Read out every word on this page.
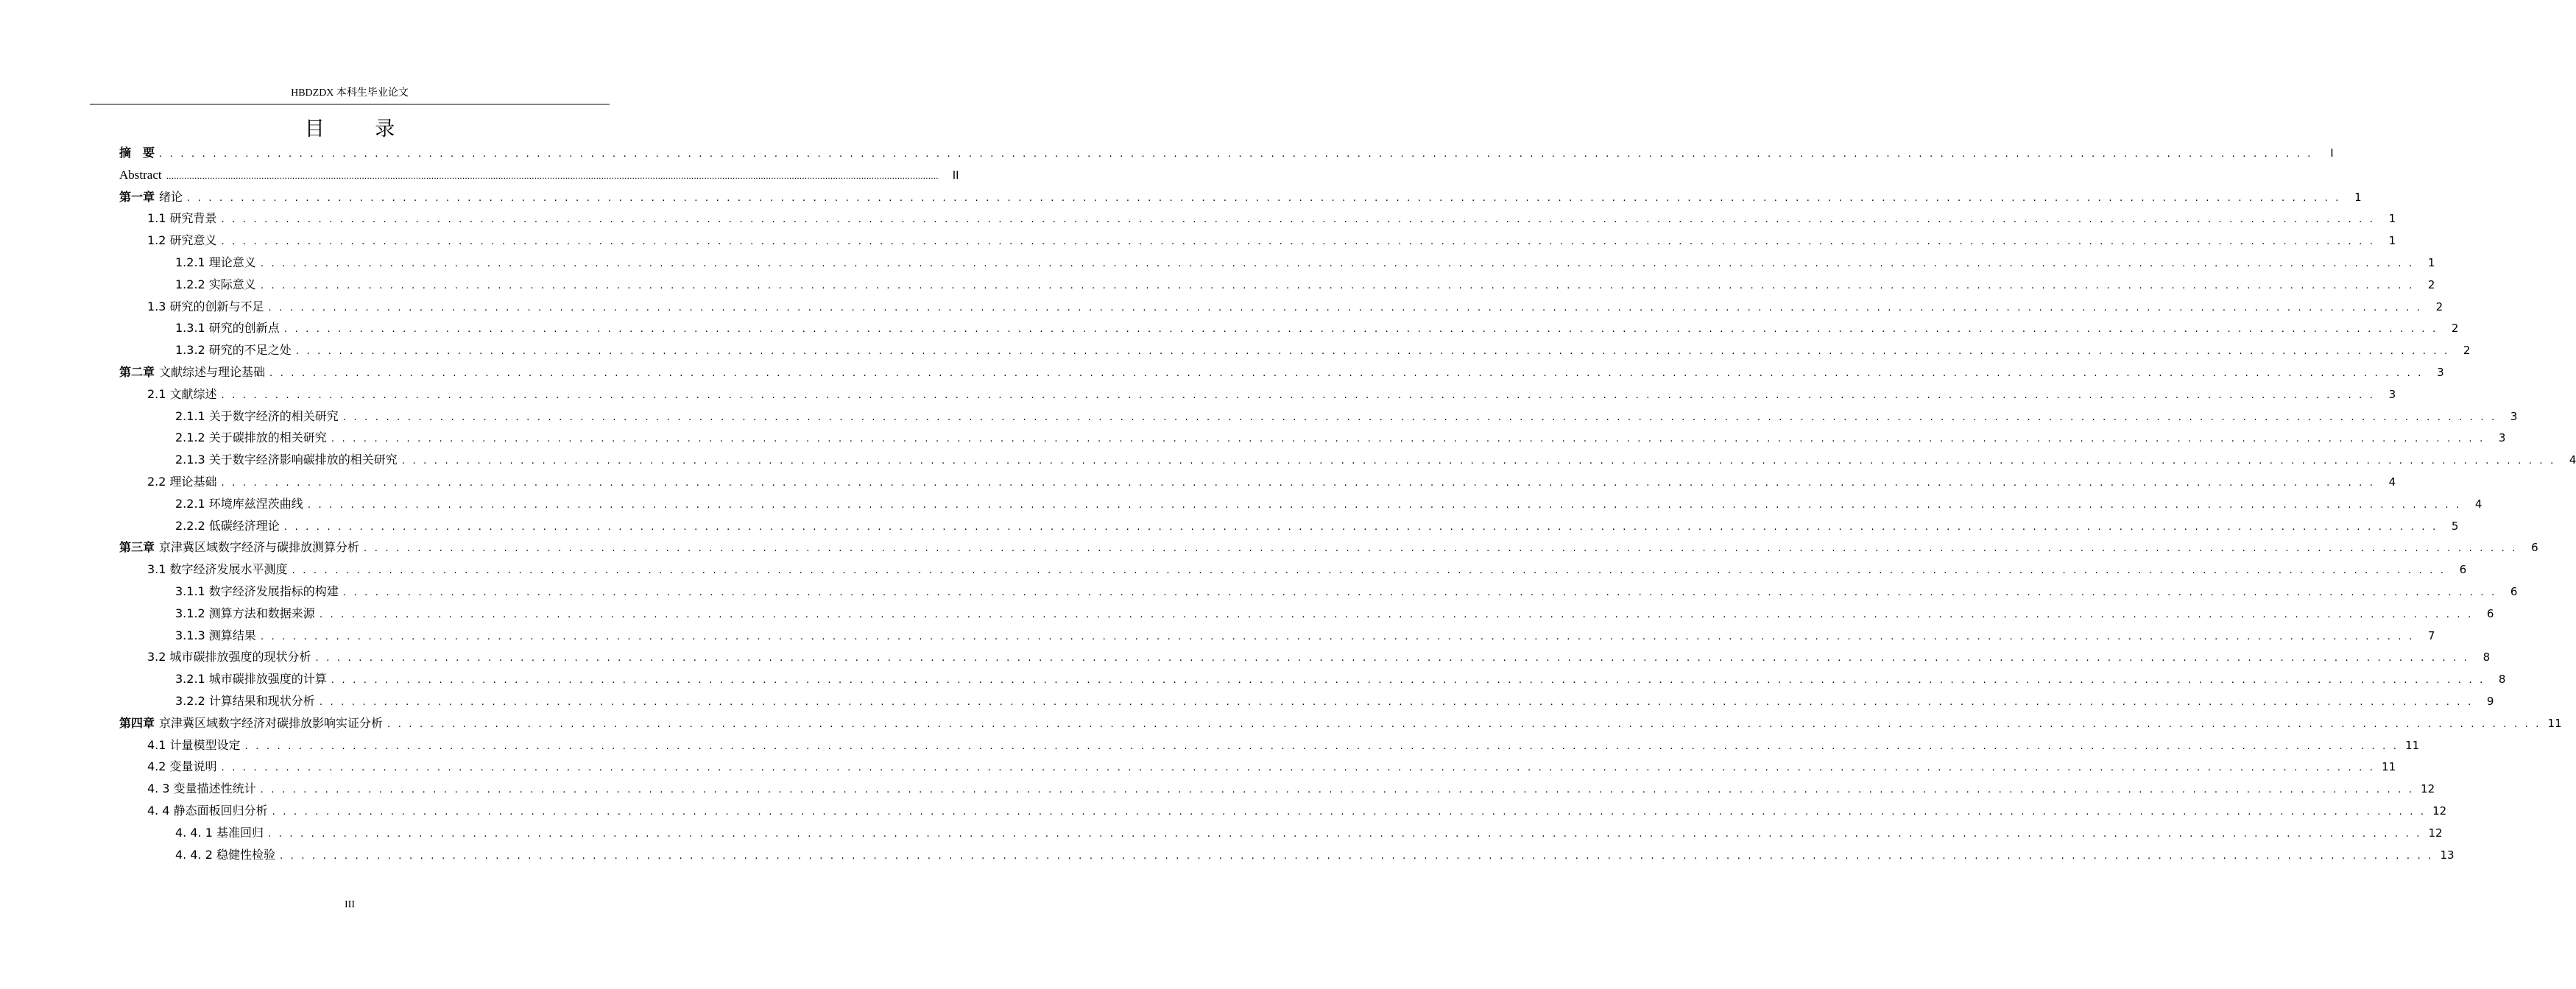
HBDZDX 本科生毕业论文
目 录
摘　要 . . . . . . . . . . . . . . . . . . . . . . . . . . . . . . . . . . . . . . . . . . . . . . . . . . . . . . . . . . . . . . . . . . . . . . . . . . . . . . . . . . . . . . . . . . . . . . . . . . . . . . . . . . . . . . . . . . . . . . . . . . . . . . . . . . . . . . . . . . . . . . . . . . . . . . . . . . . . . . . . . . . . . . . . . . . . . . . . . . . . . . . . . . . . . . . . . . . . . . . .	I
Abstract ............................................................................................................................................................................................................................................................................................................	II
第一章 绪论 . . . . . . . . . . . . . . . . . . . . . . . . . . . . . . . . . . . . . . . . . . . . . . . . . . . . . . . . . . . . . . . . . . . . . . . . . . . . . . . . . . . . . . . . . . . . . . . . . . . . . . . . . . . . . . . . . . . . . . . . . . . . . . . . . . . . . . . . . . . . . . . . . . . . . . . . . . . . . . . . . . . . . . . . . . . . . . . . . . . . . . . . . . . . . . . . . . . . . . . .	1
1.1 研究背景 . . . . . . . . . . . . . . . . . . . . . . . . . . . . . . . . . . . . . . . . . . . . . . . . . . . . . . . . . . . . . . . . . . . . . . . . . . . . . . . . . . . . . . . . . . . . . . . . . . . . . . . . . . . . . . . . . . . . . . . . . . . . . . . . . . . . . . . . . . . . . . . . . . . . . . . . . . . . . . . . . . . . . . . . . . . . . . . . . . . . . . . . . . . . . . . . . . . . . . . .	1
1.2 研究意义 . . . . . . . . . . . . . . . . . . . . . . . . . . . . . . . . . . . . . . . . . . . . . . . . . . . . . . . . . . . . . . . . . . . . . . . . . . . . . . . . . . . . . . . . . . . . . . . . . . . . . . . . . . . . . . . . . . . . . . . . . . . . . . . . . . . . . . . . . . . . . . . . . . . . . . . . . . . . . . . . . . . . . . . . . . . . . . . . . . . . . . . . . . . . . . . . . . . . . . . .	1
1.2.1 理论意义 . . . . . . . . . . . . . . . . . . . . . . . . . . . . . . . . . . . . . . . . . . . . . . . . . . . . . . . . . . . . . . . . . . . . . . . . . . . . . . . . . . . . . . . . . . . . . . . . . . . . . . . . . . . . . . . . . . . . . . . . . . . . . . . . . . . . . . . . . . . . . . . . . . . . . . . . . . . . . . . . . . . . . . . . . . . . . . . . . . . . . . . . . . . . . . . . . . . . . . . .	1
1.2.2 实际意义 . . . . . . . . . . . . . . . . . . . . . . . . . . . . . . . . . . . . . . . . . . . . . . . . . . . . . . . . . . . . . . . . . . . . . . . . . . . . . . . . . . . . . . . . . . . . . . . . . . . . . . . . . . . . . . . . . . . . . . . . . . . . . . . . . . . . . . . . . . . . . . . . . . . . . . . . . . . . . . . . . . . . . . . . . . . . . . . . . . . . . . . . . . . . . . . . . . . . . . . .	2
1.3 研究的创新与不足 . . . . . . . . . . . . . . . . . . . . . . . . . . . . . . . . . . . . . . . . . . . . . . . . . . . . . . . . . . . . . . . . . . . . . . . . . . . . . . . . . . . . . . . . . . . . . . . . . . . . . . . . . . . . . . . . . . . . . . . . . . . . . . . . . . . . . . . . . . . . . . . . . . . . . . . . . . . . . . . . . . . . . . . . . . . . . . . . . . . . . . . . . . . . . . . . . . . . . . . .	2
1.3.1 研究的创新点 . . . . . . . . . . . . . . . . . . . . . . . . . . . . . . . . . . . . . . . . . . . . . . . . . . . . . . . . . . . . . . . . . . . . . . . . . . . . . . . . . . . . . . . . . . . . . . . . . . . . . . . . . . . . . . . . . . . . . . . . . . . . . . . . . . . . . . . . . . . . . . . . . . . . . . . . . . . . . . . . . . . . . . . . . . . . . . . . . . . . . . . . . . . . . . . . . . . . . . . .	2
1.3.2 研究的不足之处 . . . . . . . . . . . . . . . . . . . . . . . . . . . . . . . . . . . . . . . . . . . . . . . . . . . . . . . . . . . . . . . . . . . . . . . . . . . . . . . . . . . . . . . . . . . . . . . . . . . . . . . . . . . . . . . . . . . . . . . . . . . . . . . . . . . . . . . . . . . . . . . . . . . . . . . . . . . . . . . . . . . . . . . . . . . . . . . . . . . . . . . . . . . . . . . . . . . . . . . .	2
第二章 文献综述与理论基础 . . . . . . . . . . . . . . . . . . . . . . . . . . . . . . . . . . . . . . . . . . . . . . . . . . . . . . . . . . . . . . . . . . . . . . . . . . . . . . . . . . . . . . . . . . . . . . . . . . . . . . . . . . . . . . . . . . . . . . . . . . . . . . . . . . . . . . . . . . . . . . . . . . . . . . . . . . . . . . . . . . . . . . . . . . . . . . . . . . . . . . . . . . . . . . . . . . . . . . . .	3
2.1 文献综述 . . . . . . . . . . . . . . . . . . . . . . . . . . . . . . . . . . . . . . . . . . . . . . . . . . . . . . . . . . . . . . . . . . . . . . . . . . . . . . . . . . . . . . . . . . . . . . . . . . . . . . . . . . . . . . . . . . . . . . . . . . . . . . . . . . . . . . . . . . . . . . . . . . . . . . . . . . . . . . . . . . . . . . . . . . . . . . . . . . . . . . . . . . . . . . . . . . . . . . . .	3
2.1.1 关于数字经济的相关研究 . . . . . . . . . . . . . . . . . . . . . . . . . . . . . . . . . . . . . . . . . . . . . . . . . . . . . . . . . . . . . . . . . . . . . . . . . . . . . . . . . . . . . . . . . . . . . . . . . . . . . . . . . . . . . . . . . . . . . . . . . . . . . . . . . . . . . . . . . . . . . . . . . . . . . . . . . . . . . . . . . . . . . . . . . . . . . . . . . . . . . . . . . . . . . . . . . . . . . . . .	3
2.1.2 关于碳排放的相关研究 . . . . . . . . . . . . . . . . . . . . . . . . . . . . . . . . . . . . . . . . . . . . . . . . . . . . . . . . . . . . . . . . . . . . . . . . . . . . . . . . . . . . . . . . . . . . . . . . . . . . . . . . . . . . . . . . . . . . . . . . . . . . . . . . . . . . . . . . . . . . . . . . . . . . . . . . . . . . . . . . . . . . . . . . . . . . . . . . . . . . . . . . . . . . . . . . . . . . . . . .	3
2.1.3 关于数字经济影响碳排放的相关研究 . . . . . . . . . . . . . . . . . . . . . . . . . . . . . . . . . . . . . . . . . . . . . . . . . . . . . . . . . . . . . . . . . . . . . . . . . . . . . . . . . . . . . . . . . . . . . . . . . . . . . . . . . . . . . . . . . . . . . . . . . . . . . . . . . . . . . . . . . . . . . . . . . . . . . . . . . . . . . . . . . . . . . . . . . . . . . . . . . . . . . . . . . . . . . . . . . . . . . . . .	4
2.2 理论基础 . . . . . . . . . . . . . . . . . . . . . . . . . . . . . . . . . . . . . . . . . . . . . . . . . . . . . . . . . . . . . . . . . . . . . . . . . . . . . . . . . . . . . . . . . . . . . . . . . . . . . . . . . . . . . . . . . . . . . . . . . . . . . . . . . . . . . . . . . . . . . . . . . . . . . . . . . . . . . . . . . . . . . . . . . . . . . . . . . . . . . . . . . . . . . . . . . . . . . . . .	4
2.2.1 环境库兹涅茨曲线 . . . . . . . . . . . . . . . . . . . . . . . . . . . . . . . . . . . . . . . . . . . . . . . . . . . . . . . . . . . . . . . . . . . . . . . . . . . . . . . . . . . . . . . . . . . . . . . . . . . . . . . . . . . . . . . . . . . . . . . . . . . . . . . . . . . . . . . . . . . . . . . . . . . . . . . . . . . . . . . . . . . . . . . . . . . . . . . . . . . . . . . . . . . . . . . . . . . . . . . .	4
2.2.2 低碳经济理论 . . . . . . . . . . . . . . . . . . . . . . . . . . . . . . . . . . . . . . . . . . . . . . . . . . . . . . . . . . . . . . . . . . . . . . . . . . . . . . . . . . . . . . . . . . . . . . . . . . . . . . . . . . . . . . . . . . . . . . . . . . . . . . . . . . . . . . . . . . . . . . . . . . . . . . . . . . . . . . . . . . . . . . . . . . . . . . . . . . . . . . . . . . . . . . . . . . . . . . . .	5
第三章 京津冀区域数字经济与碳排放测算分析 . . . . . . . . . . . . . . . . . . . . . . . . . . . . . . . . . . . . . . . . . . . . . . . . . . . . . . . . . . . . . . . . . . . . . . . . . . . . . . . . . . . . . . . . . . . . . . . . . . . . . . . . . . . . . . . . . . . . . . . . . . . . . . . . . . . . . . . . . . . . . . . . . . . . . . . . . . . . . . . . . . . . . . . . . . . . . . . . . . . . . . . . . . . . . . . . . . . . . . . .	6
3.1 数字经济发展水平测度 . . . . . . . . . . . . . . . . . . . . . . . . . . . . . . . . . . . . . . . . . . . . . . . . . . . . . . . . . . . . . . . . . . . . . . . . . . . . . . . . . . . . . . . . . . . . . . . . . . . . . . . . . . . . . . . . . . . . . . . . . . . . . . . . . . . . . . . . . . . . . . . . . . . . . . . . . . . . . . . . . . . . . . . . . . . . . . . . . . . . . . . . . . . . . . . . . . . . . . . .	6
3.1.1 数字经济发展指标的构建 . . . . . . . . . . . . . . . . . . . . . . . . . . . . . . . . . . . . . . . . . . . . . . . . . . . . . . . . . . . . . . . . . . . . . . . . . . . . . . . . . . . . . . . . . . . . . . . . . . . . . . . . . . . . . . . . . . . . . . . . . . . . . . . . . . . . . . . . . . . . . . . . . . . . . . . . . . . . . . . . . . . . . . . . . . . . . . . . . . . . . . . . . . . . . . . . . . . . . . . .	6
3.1.2 测算方法和数据来源 . . . . . . . . . . . . . . . . . . . . . . . . . . . . . . . . . . . . . . . . . . . . . . . . . . . . . . . . . . . . . . . . . . . . . . . . . . . . . . . . . . . . . . . . . . . . . . . . . . . . . . . . . . . . . . . . . . . . . . . . . . . . . . . . . . . . . . . . . . . . . . . . . . . . . . . . . . . . . . . . . . . . . . . . . . . . . . . . . . . . . . . . . . . . . . . . . . . . . . . .	6
3.1.3 测算结果 . . . . . . . . . . . . . . . . . . . . . . . . . . . . . . . . . . . . . . . . . . . . . . . . . . . . . . . . . . . . . . . . . . . . . . . . . . . . . . . . . . . . . . . . . . . . . . . . . . . . . . . . . . . . . . . . . . . . . . . . . . . . . . . . . . . . . . . . . . . . . . . . . . . . . . . . . . . . . . . . . . . . . . . . . . . . . . . . . . . . . . . . . . . . . . . . . . . . . . . .	7
3.2 城市碳排放强度的现状分析 . . . . . . . . . . . . . . . . . . . . . . . . . . . . . . . . . . . . . . . . . . . . . . . . . . . . . . . . . . . . . . . . . . . . . . . . . . . . . . . . . . . . . . . . . . . . . . . . . . . . . . . . . . . . . . . . . . . . . . . . . . . . . . . . . . . . . . . . . . . . . . . . . . . . . . . . . . . . . . . . . . . . . . . . . . . . . . . . . . . . . . . . . . . . . . . . . . . . . . . .	8
3.2.1 城市碳排放强度的计算 . . . . . . . . . . . . . . . . . . . . . . . . . . . . . . . . . . . . . . . . . . . . . . . . . . . . . . . . . . . . . . . . . . . . . . . . . . . . . . . . . . . . . . . . . . . . . . . . . . . . . . . . . . . . . . . . . . . . . . . . . . . . . . . . . . . . . . . . . . . . . . . . . . . . . . . . . . . . . . . . . . . . . . . . . . . . . . . . . . . . . . . . . . . . . . . . . . . . . . . .	8
3.2.2 计算结果和现状分析 . . . . . . . . . . . . . . . . . . . . . . . . . . . . . . . . . . . . . . . . . . . . . . . . . . . . . . . . . . . . . . . . . . . . . . . . . . . . . . . . . . . . . . . . . . . . . . . . . . . . . . . . . . . . . . . . . . . . . . . . . . . . . . . . . . . . . . . . . . . . . . . . . . . . . . . . . . . . . . . . . . . . . . . . . . . . . . . . . . . . . . . . . . . . . . . . . . . . . . . .	9
第四章 京津冀区域数字经济对碳排放影响实证分析 . . . . . . . . . . . . . . . . . . . . . . . . . . . . . . . . . . . . . . . . . . . . . . . . . . . . . . . . . . . . . . . . . . . . . . . . . . . . . . . . . . . . . . . . . . . . . . . . . . . . . . . . . . . . . . . . . . . . . . . . . . . . . . . . . . . . . . . . . . . . . . . . . . . . . . . . . . . . . . . . . . . . . . . . . . . . . . . . . . . . . . . . . . . . . . . . . . . . . . . . 11
4.1 计量模型设定 . . . . . . . . . . . . . . . . . . . . . . . . . . . . . . . . . . . . . . . . . . . . . . . . . . . . . . . . . . . . . . . . . . . . . . . . . . . . . . . . . . . . . . . . . . . . . . . . . . . . . . . . . . . . . . . . . . . . . . . . . . . . . . . . . . . . . . . . . . . . . . . . . . . . . . . . . . . . . . . . . . . . . . . . . . . . . . . . . . . . . . . . . . . . . . . . . . . . . . . . 11
4.2 变量说明 . . . . . . . . . . . . . . . . . . . . . . . . . . . . . . . . . . . . . . . . . . . . . . . . . . . . . . . . . . . . . . . . . . . . . . . . . . . . . . . . . . . . . . . . . . . . . . . . . . . . . . . . . . . . . . . . . . . . . . . . . . . . . . . . . . . . . . . . . . . . . . . . . . . . . . . . . . . . . . . . . . . . . . . . . . . . . . . . . . . . . . . . . . . . . . . . . . . . . . . . 11
4. 3 变量描述性统计 . . . . . . . . . . . . . . . . . . . . . . . . . . . . . . . . . . . . . . . . . . . . . . . . . . . . . . . . . . . . . . . . . . . . . . . . . . . . . . . . . . . . . . . . . . . . . . . . . . . . . . . . . . . . . . . . . . . . . . . . . . . . . . . . . . . . . . . . . . . . . . . . . . . . . . . . . . . . . . . . . . . . . . . . . . . . . . . . . . . . . . . . . . . . . . . . . . . . . . . . 12
4. 4 静态面板回归分析 . . . . . . . . . . . . . . . . . . . . . . . . . . . . . . . . . . . . . . . . . . . . . . . . . . . . . . . . . . . . . . . . . . . . . . . . . . . . . . . . . . . . . . . . . . . . . . . . . . . . . . . . . . . . . . . . . . . . . . . . . . . . . . . . . . . . . . . . . . . . . . . . . . . . . . . . . . . . . . . . . . . . . . . . . . . . . . . . . . . . . . . . . . . . . . . . . . . . . . . . 12
4. 4. 1 基准回归 . . . . . . . . . . . . . . . . . . . . . . . . . . . . . . . . . . . . . . . . . . . . . . . . . . . . . . . . . . . . . . . . . . . . . . . . . . . . . . . . . . . . . . . . . . . . . . . . . . . . . . . . . . . . . . . . . . . . . . . . . . . . . . . . . . . . . . . . . . . . . . . . . . . . . . . . . . . . . . . . . . . . . . . . . . . . . . . . . . . . . . . . . . . . . . . . . . . . . . . . 12
4. 4. 2 稳健性检验 . . . . . . . . . . . . . . . . . . . . . . . . . . . . . . . . . . . . . . . . . . . . . . . . . . . . . . . . . . . . . . . . . . . . . . . . . . . . . . . . . . . . . . . . . . . . . . . . . . . . . . . . . . . . . . . . . . . . . . . . . . . . . . . . . . . . . . . . . . . . . . . . . . . . . . . . . . . . . . . . . . . . . . . . . . . . . . . . . . . . . . . . . . . . . . . . . . . . . . . . 13
III
